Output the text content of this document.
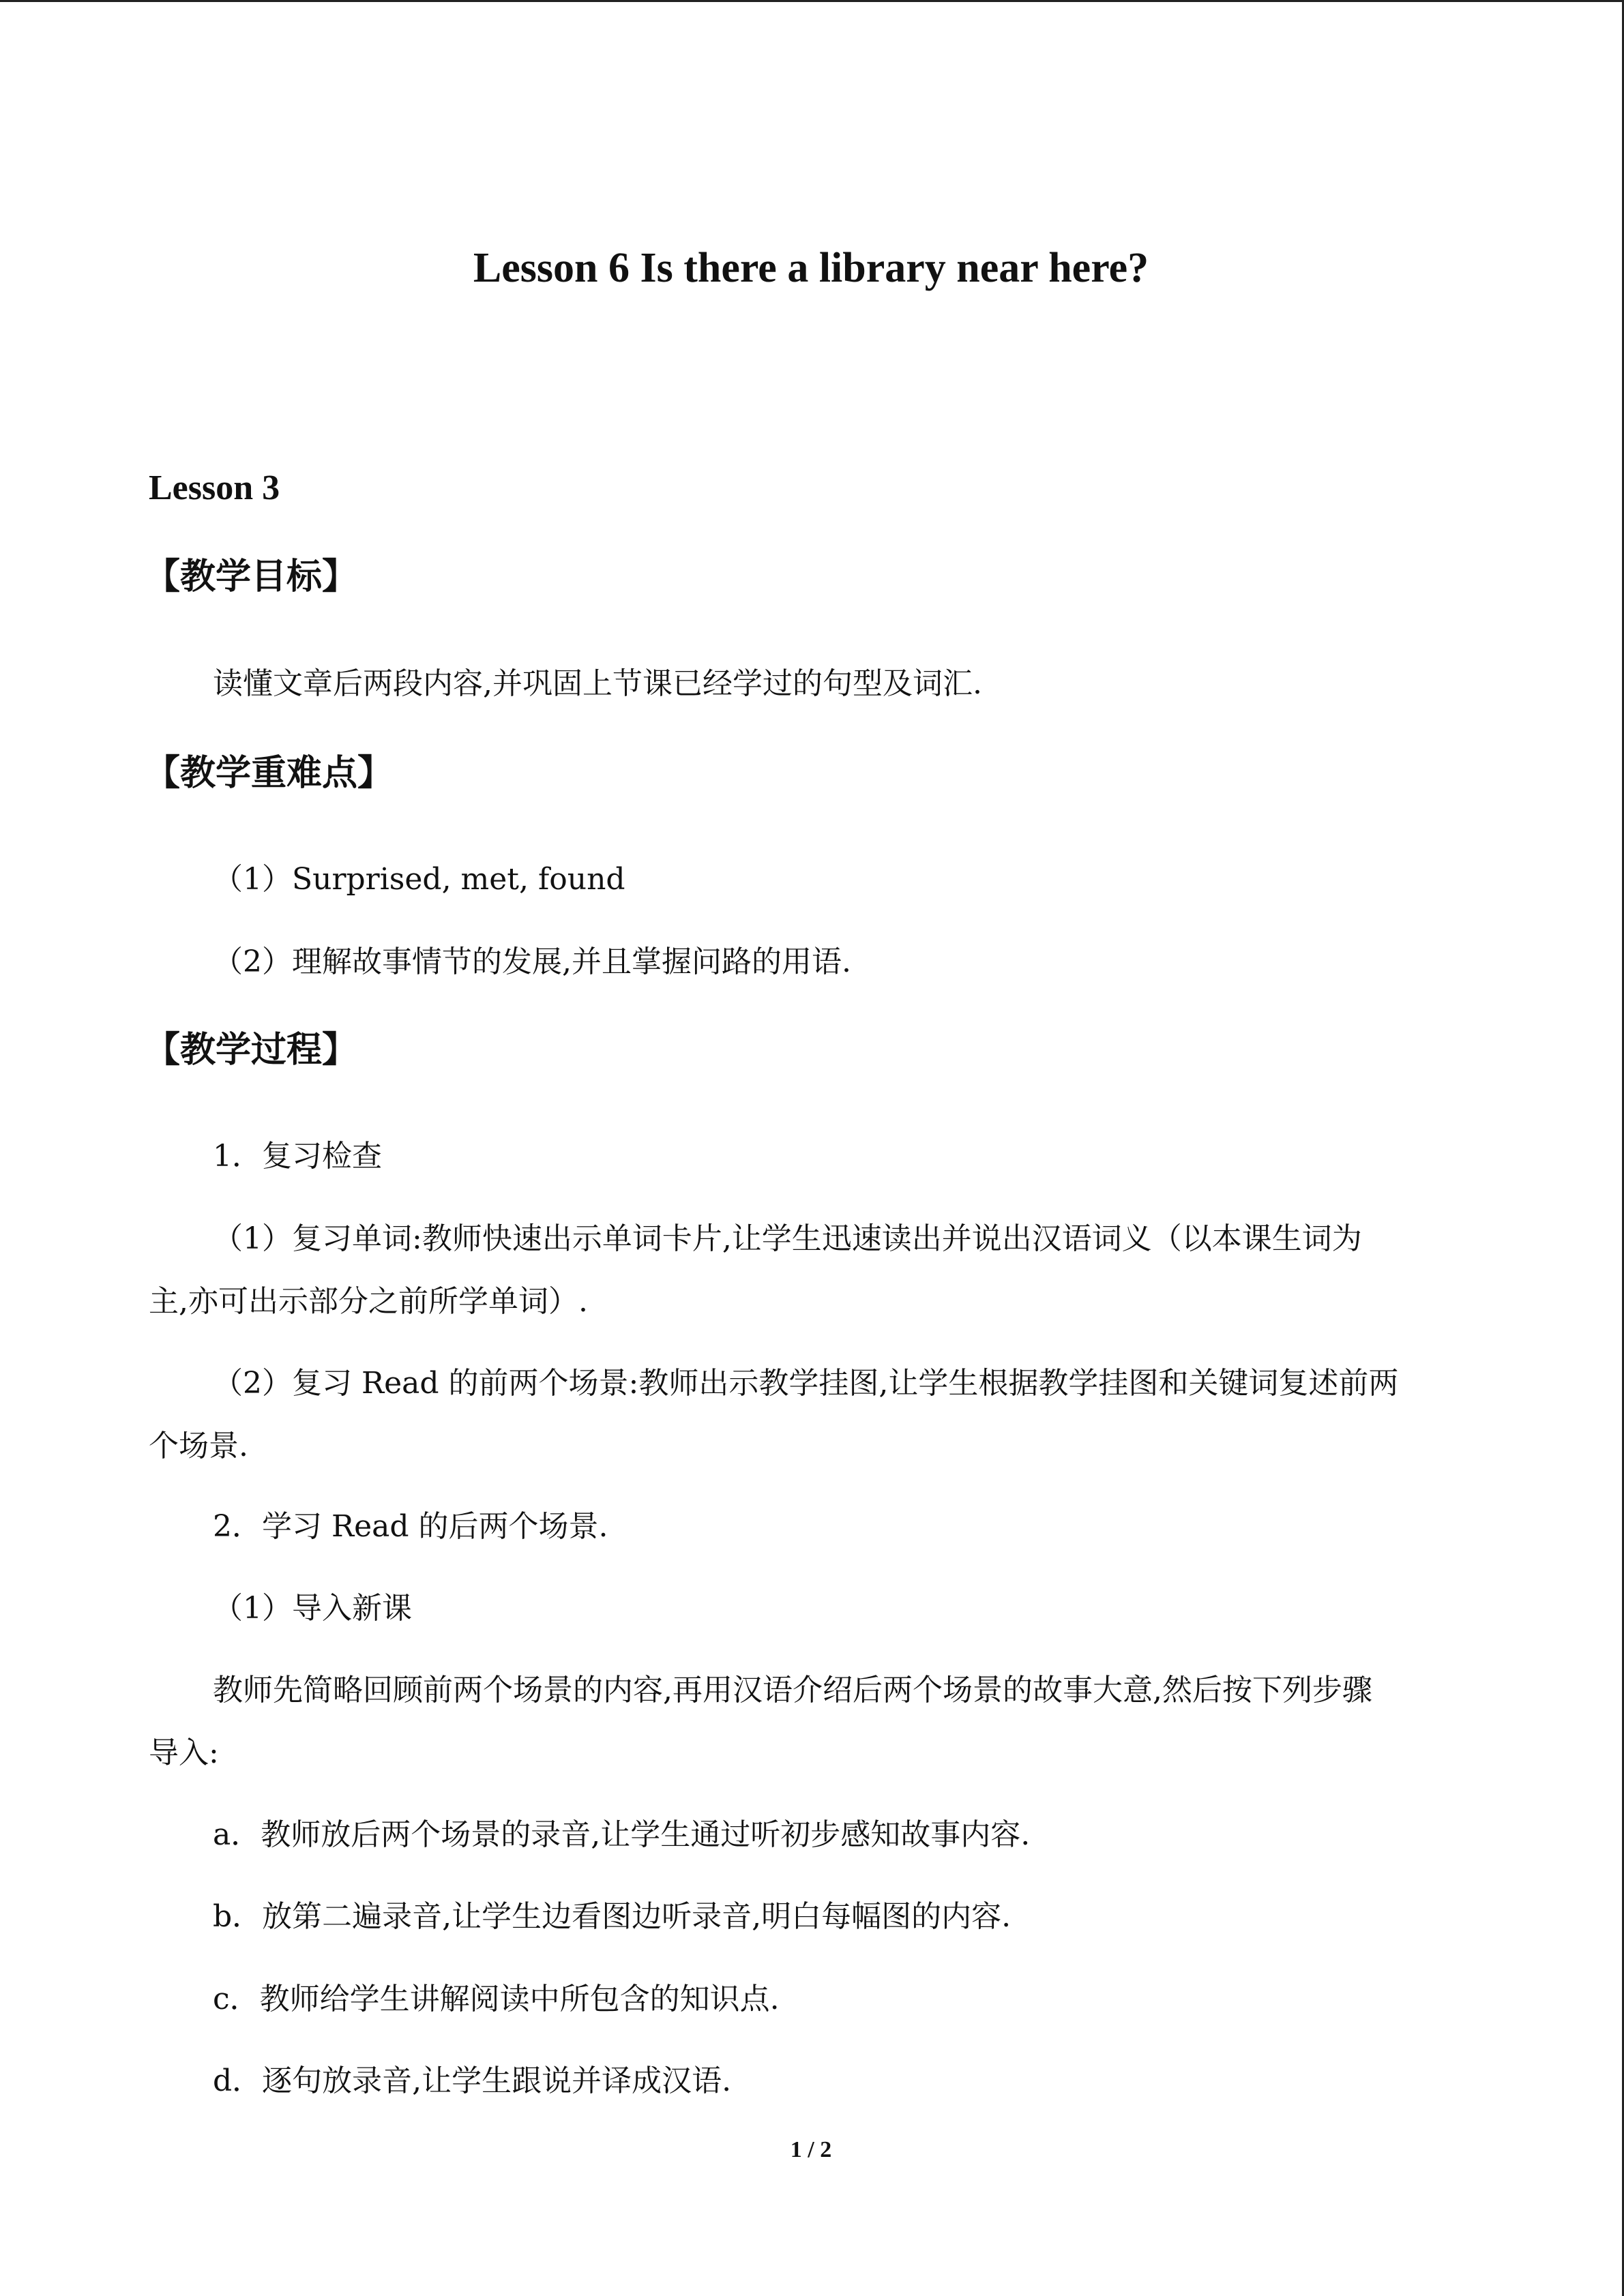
Lesson 6 Is there a library near here?
Lesson 3
【教学目标】

读懂文章后两段内容,并巩固上节课已经学过的句型及词汇.

【教学重难点】

（1）Surprised, met, found

（2）理解故事情节的发展,并且掌握问路的用语.

【教学过程】

1．复习检查

（1）复习单词:教师快速出示单词卡片,让学生迅速读出并说出汉语词义（以本课生词为

主,亦可出示部分之前所学单词）.

（2）复习 Read 的前两个场景:教师出示教学挂图,让学生根据教学挂图和关键词复述前两

个场景.

2．学习 Read 的后两个场景.

（1）导入新课

教师先简略回顾前两个场景的内容,再用汉语介绍后两个场景的故事大意,然后按下列步骤

导入:

a．教师放后两个场景的录音,让学生通过听初步感知故事内容.

b．放第二遍录音,让学生边看图边听录音,明白每幅图的内容.

c．教师给学生讲解阅读中所包含的知识点.

d．逐句放录音,让学生跟说并译成汉语.

1 / 2
